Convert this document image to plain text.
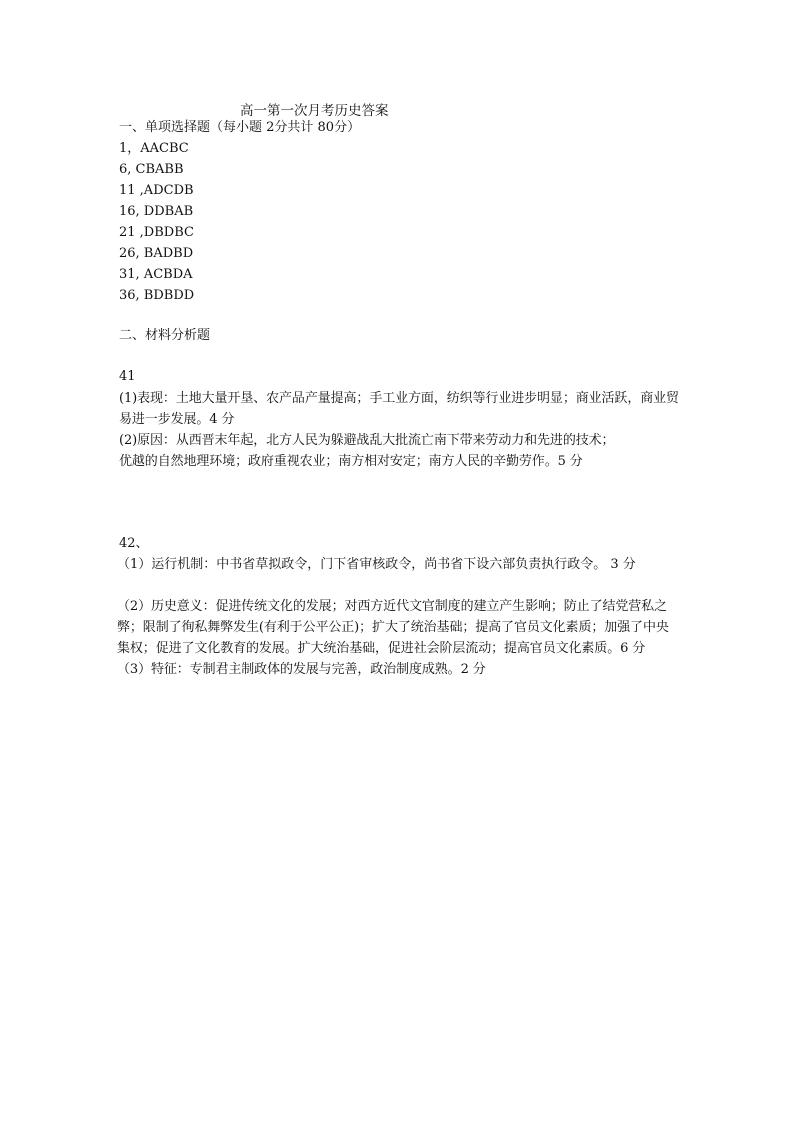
高一第一次月考历史答案
一、单项选择题（每小题 2分共计 80分）
1，AACBC
6, CBABB
11 ,ADCDB
16, DDBAB
21 ,DBDBC
26, BADBD
31, ACBDA
36, BDBDD
二、材料分析题
41

(1)表现：土地大量开垦、农产品产量提高；手工业方面，纺织等行业进步明显；商业活跃，商业贸易进一步发展。4 分

(2)原因：从西晋末年起，北方人民为躲避战乱大批流亡南下带来劳动力和先进的技术；

优越的自然地理环境；政府重视农业；南方相对安定；南方人民的辛勤劳作。5 分

42、

（1）运行机制：中书省草拟政令，门下省审核政令，尚书省下设六部负责执行政令。 3 分

（2）历史意义：促进传统文化的发展；对西方近代文官制度的建立产生影响；防止了结党营私之弊；限制了徇私舞弊发生(有利于公平公正)；扩大了统治基础；提高了官员文化素质；加强了中央集权；促进了文化教育的发展。扩大统治基础，促进社会阶层流动；提高官员文化素质。6 分

（3）特征：专制君主制政体的发展与完善，政治制度成熟。2 分
